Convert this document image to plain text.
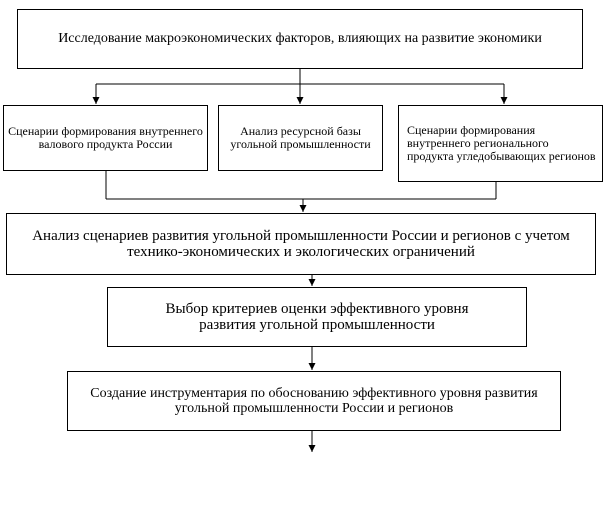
Исследование макроэкономических факторов, влияющих на развитие экономики
Сценарии формирования внутреннего валового продукта России
Анализ ресурсной базы угольной промышленности
Сценарии формирования внутреннего регионального продукта угледобывающих регионов
Анализ сценариев развития угольной промышленности России и регионов с учетом технико-экономических и экологических ограничений
Выбор критериев оценки эффективного уровня развития угольной промышленности
Создание инструментария по обоснованию эффективного уровня развития угольной промышленности России и регионов
